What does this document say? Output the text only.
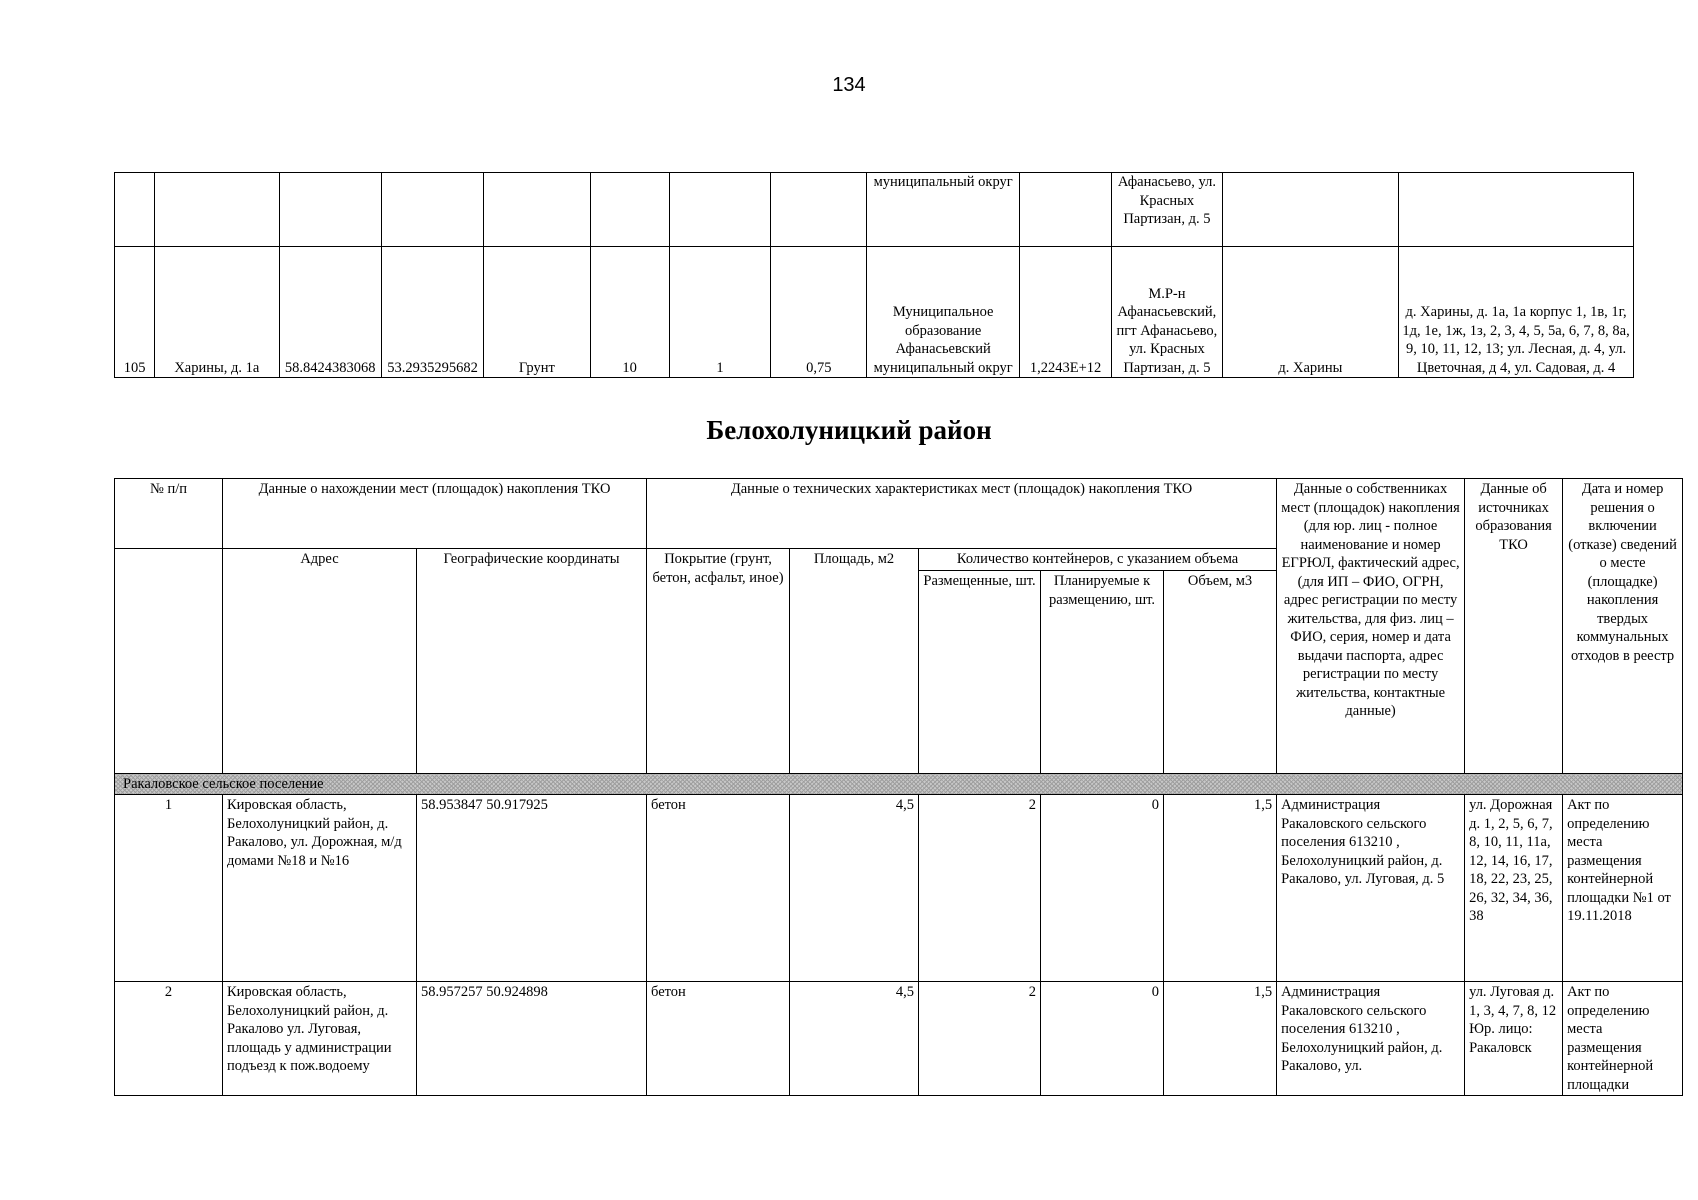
134
								муниципальный округ		Афанасьево, ул. Красных Партизан, д. 5		
105	Харины, д. 1а	58.8424383068	53.2935295682	Грунт	10	1	0,75	Муниципальное образование Афанасьевский муниципальный округ	1,2243E+12	М.Р-н Афанасьевский, пгт Афанасьево, ул. Красных Партизан, д. 5	д. Харины	д. Харины, д. 1а, 1а корпус 1, 1в, 1г, 1д, 1е, 1ж, 1з, 2, 3, 4, 5, 5а, 6, 7, 8, 8а, 9, 10, 11, 12, 13; ул. Лесная, д. 4, ул. Цветочная, д 4, ул. Садовая, д. 4
Белохолуницкий район
№ п/п	Данные о нахождении мест (площадок) накопления ТКО		Данные о технических характеристиках мест (площадок) накопления ТКО					Данные о собственниках мест (площадок) накопления (для юр. лиц - полное наименование и номер ЕГРЮЛ, фактический адрес, (для ИП – ФИО, ОГРН, адрес регистрации по месту жительства, для физ. лиц – ФИО, серия, номер и дата выдачи паспорта, адрес регистрации по месту жительства, контактные данные)	Данные об источниках образования ТКО	Дата и номер решения о включении (отказе) сведений о месте (площадке) накопления твердых коммунальных отходов в реестр
	Адрес	Географические координаты	Покрытие (грунт, бетон, асфальт, иное)	Площадь, м2	Количество контейнеров, с указанием объема					
					Размещенные, шт.	Планируемые к размещению, шт.	Объем, м3			
Ракаловское сельское поселение										
1	Кировская область, Белохолуницкий район, д. Ракалово, ул. Дорожная, м/д домами №18 и №16	58.953847 50.917925	бетон	4,5	2	0	1,5	Администрация Ракаловского сельского поселения 613210 , Белохолуницкий район, д. Ракалово, ул. Луговая, д. 5	ул. Дорожная д. 1, 2, 5, 6, 7, 8, 10, 11, 11а, 12, 14, 16, 17, 18, 22, 23, 25, 26, 32, 34, 36, 38	Акт по определению места размещения контейнерной площадки №1 от 19.11.2018
2	Кировская область, Белохолуницкий район, д. Ракалово ул. Луговая, площадь у администрации подъезд к пож.водоему	58.957257 50.924898	бетон	4,5	2	0	1,5	Администрация Ракаловского сельского поселения 613210 , Белохолуницкий район, д. Ракалово, ул.	ул. Луговая д. 1, 3, 4, 7, 8, 12 Юр. лицо: Ракаловск	Акт по определению места размещения контейнерной площадки
